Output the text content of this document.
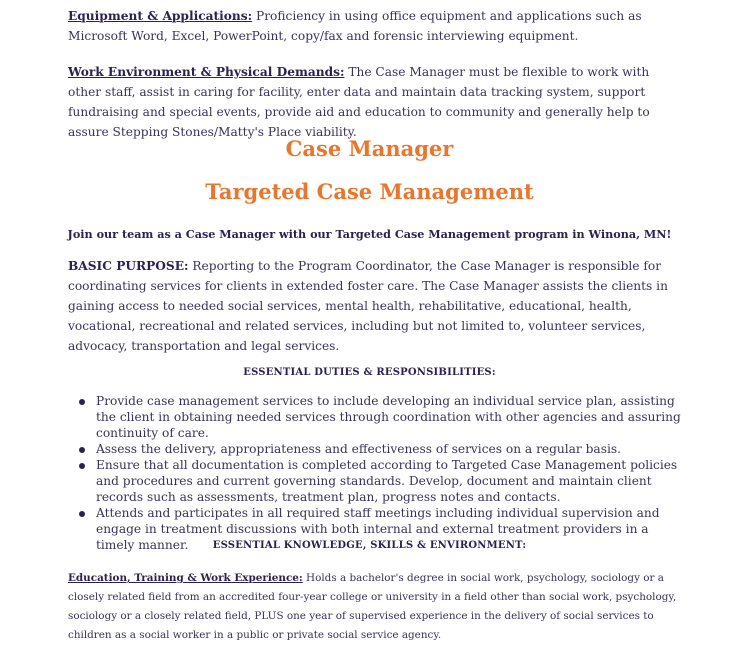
Equipment & Applications: Proficiency in using office equipment and applications such as Microsoft Word, Excel, PowerPoint, copy/fax and forensic interviewing equipment.

Work Environment & Physical Demands: The Case Manager must be flexible to work with other staff, assist in caring for facility, enter data and maintain data tracking system, support fundraising and special events, provide aid and education to community and generally help to assure Stepping Stones/Matty's Place viability.

Case Manager
Targeted Case Management

Join our team as a Case Manager with our Targeted Case Management program in Winona, MN!

BASIC PURPOSE: Reporting to the Program Coordinator, the Case Manager is responsible for coordinating services for clients in extended foster care. The Case Manager assists the clients in gaining access to needed social services, mental health, rehabilitative, educational, health, vocational, recreational and related services, including but not limited to, volunteer services, advocacy, transportation and legal services.

ESSENTIAL DUTIES & RESPONSIBILITIES:

Provide case management services to include developing an individual service plan, assisting the client in obtaining needed services through coordination with other agencies and assuring continuity of care.
Assess the delivery, appropriateness and effectiveness of services on a regular basis.
Ensure that all documentation is completed according to Targeted Case Management policies and procedures and current governing standards. Develop, document and maintain client records such as assessments, treatment plan, progress notes and contacts.
Attends and participates in all required staff meetings including individual supervision and engage in treatment discussions with both internal and external treatment providers in a timely manner.	ESSENTIAL KNOWLEDGE, SKILLS & ENVIRONMENT:

Education, Training & Work Experience: Holds a bachelor's degree in social work, psychology, sociology or a closely related field from an accredited four-year college or university in a field other than social work, psychology, sociology or a closely related field, PLUS one year of supervised experience in the delivery of social services to children as a social worker in a public or private social service agency.
